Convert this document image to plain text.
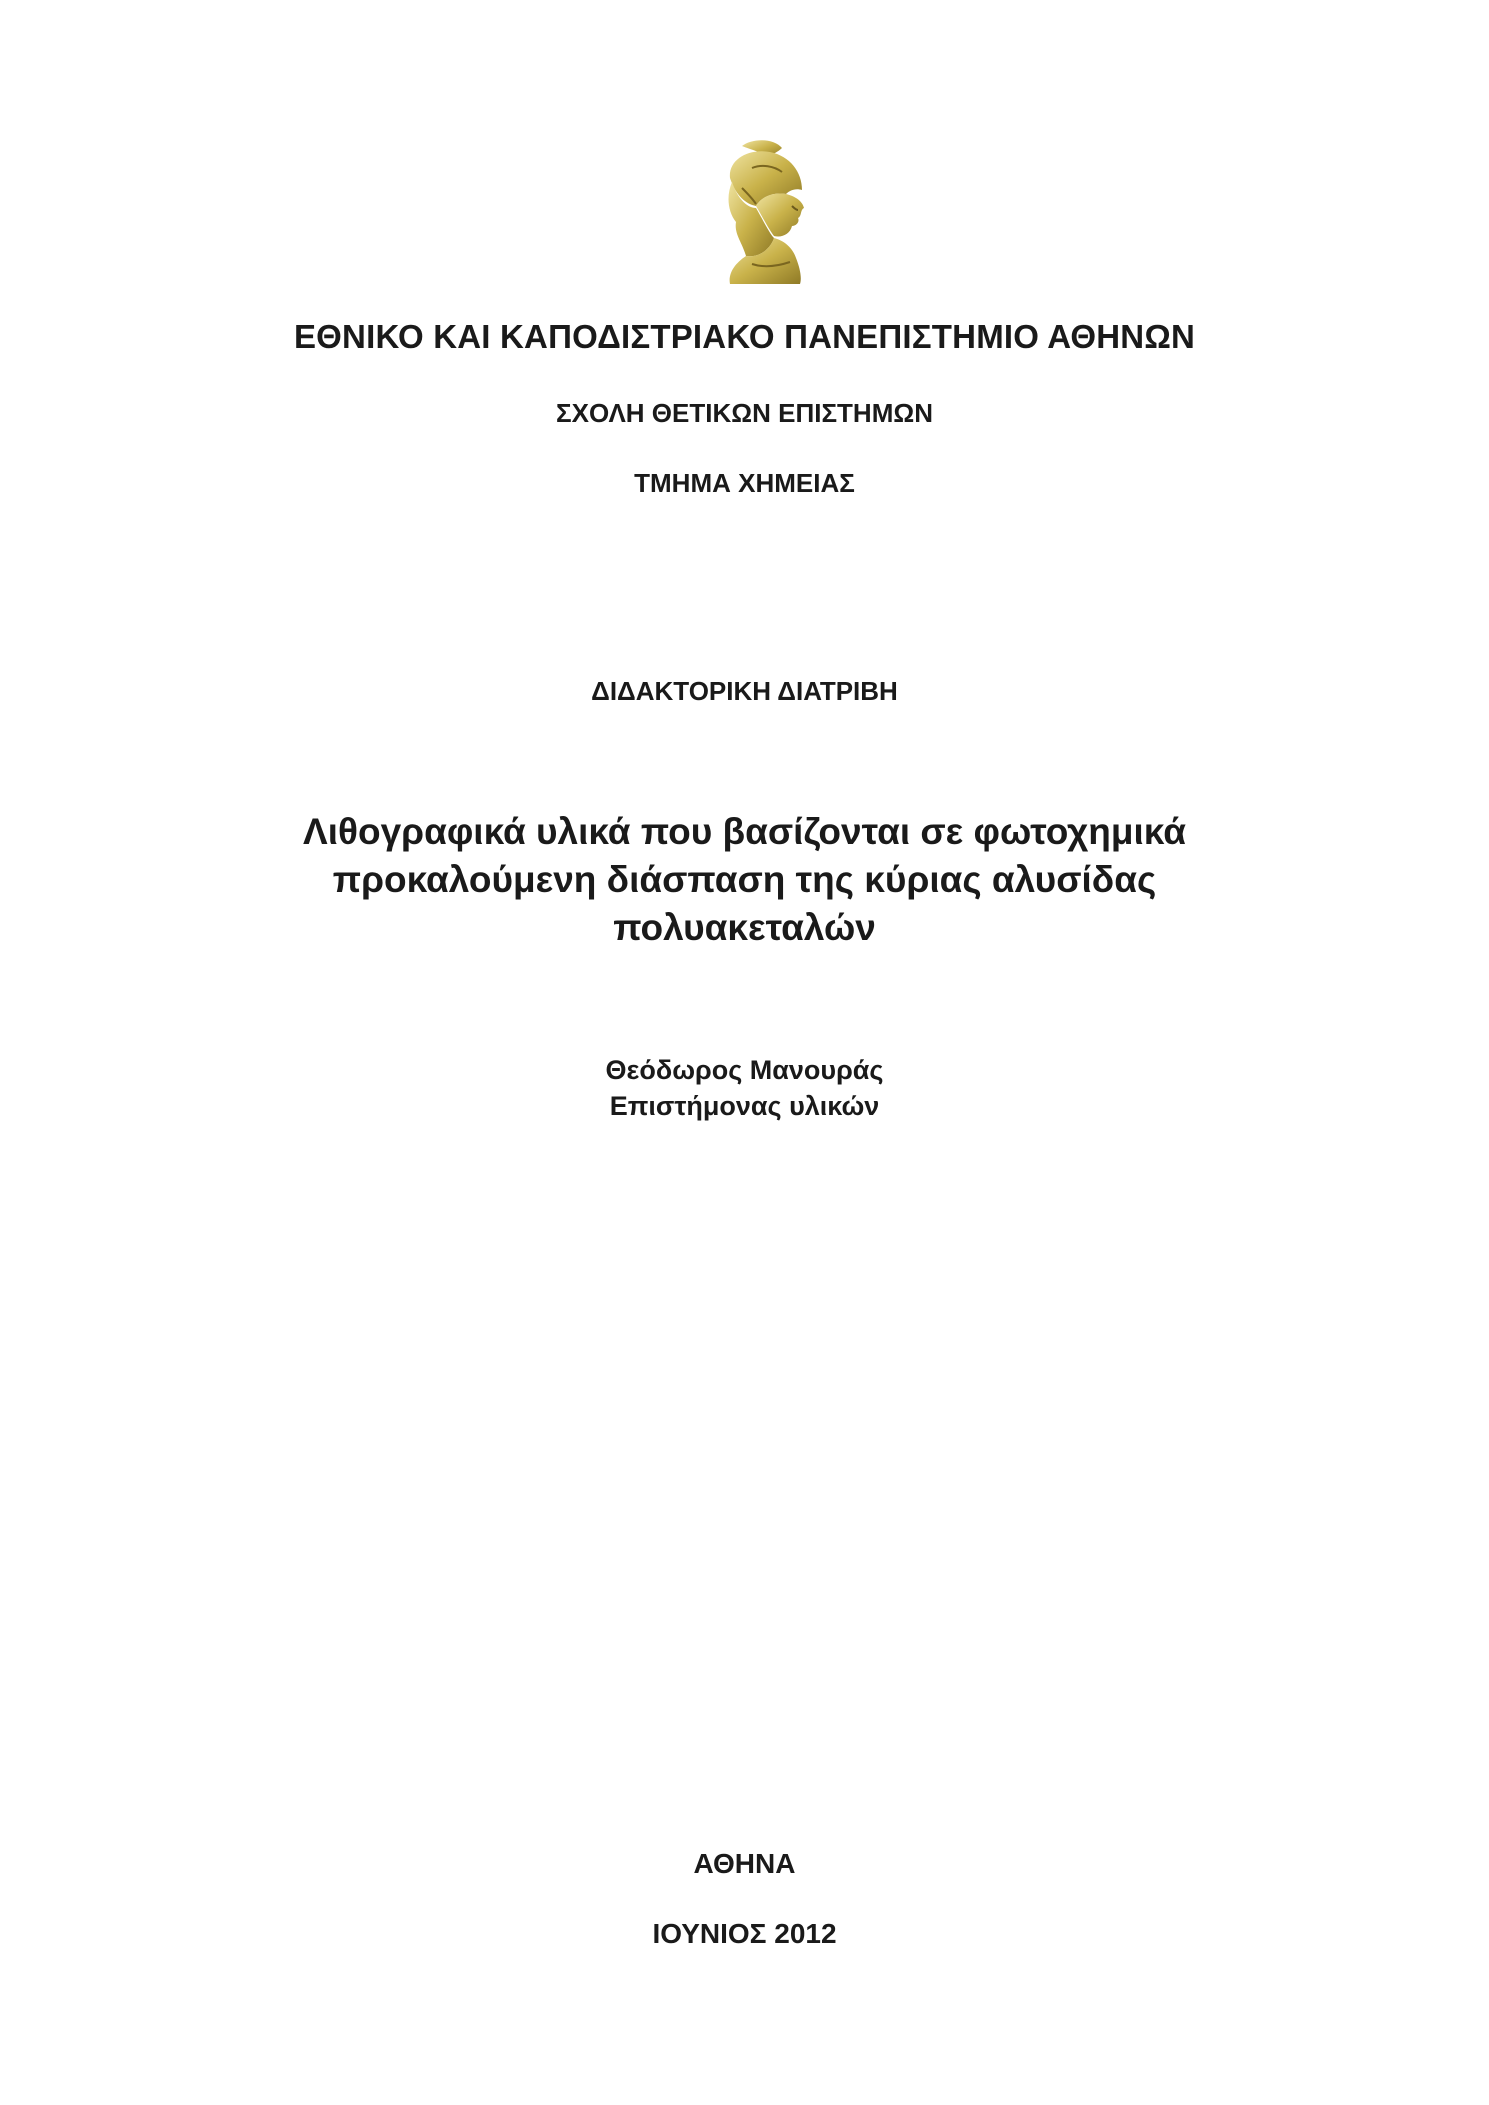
ΕΘΝΙΚΟ ΚΑΙ ΚΑΠΟΔΙΣΤΡΙΑΚΟ ΠΑΝΕΠΙΣΤΗΜΙΟ ΑΘΗΝΩΝ
ΣΧΟΛΗ ΘΕΤΙΚΩΝ ΕΠΙΣΤΗΜΩΝ
ΤΜΗΜΑ ΧΗΜΕΙΑΣ
ΔΙΔΑΚΤΟΡΙΚΗ ΔΙΑΤΡΙΒΗ
Λιθογραφικά υλικά που βασίζονται σε φωτοχημικά
προκαλούμενη διάσπαση της κύριας αλυσίδας
πολυακεταλών
Θεόδωρος Μανουράς
Επιστήμονας υλικών
ΑΘΗΝΑ
ΙΟΥΝΙΟΣ 2012
